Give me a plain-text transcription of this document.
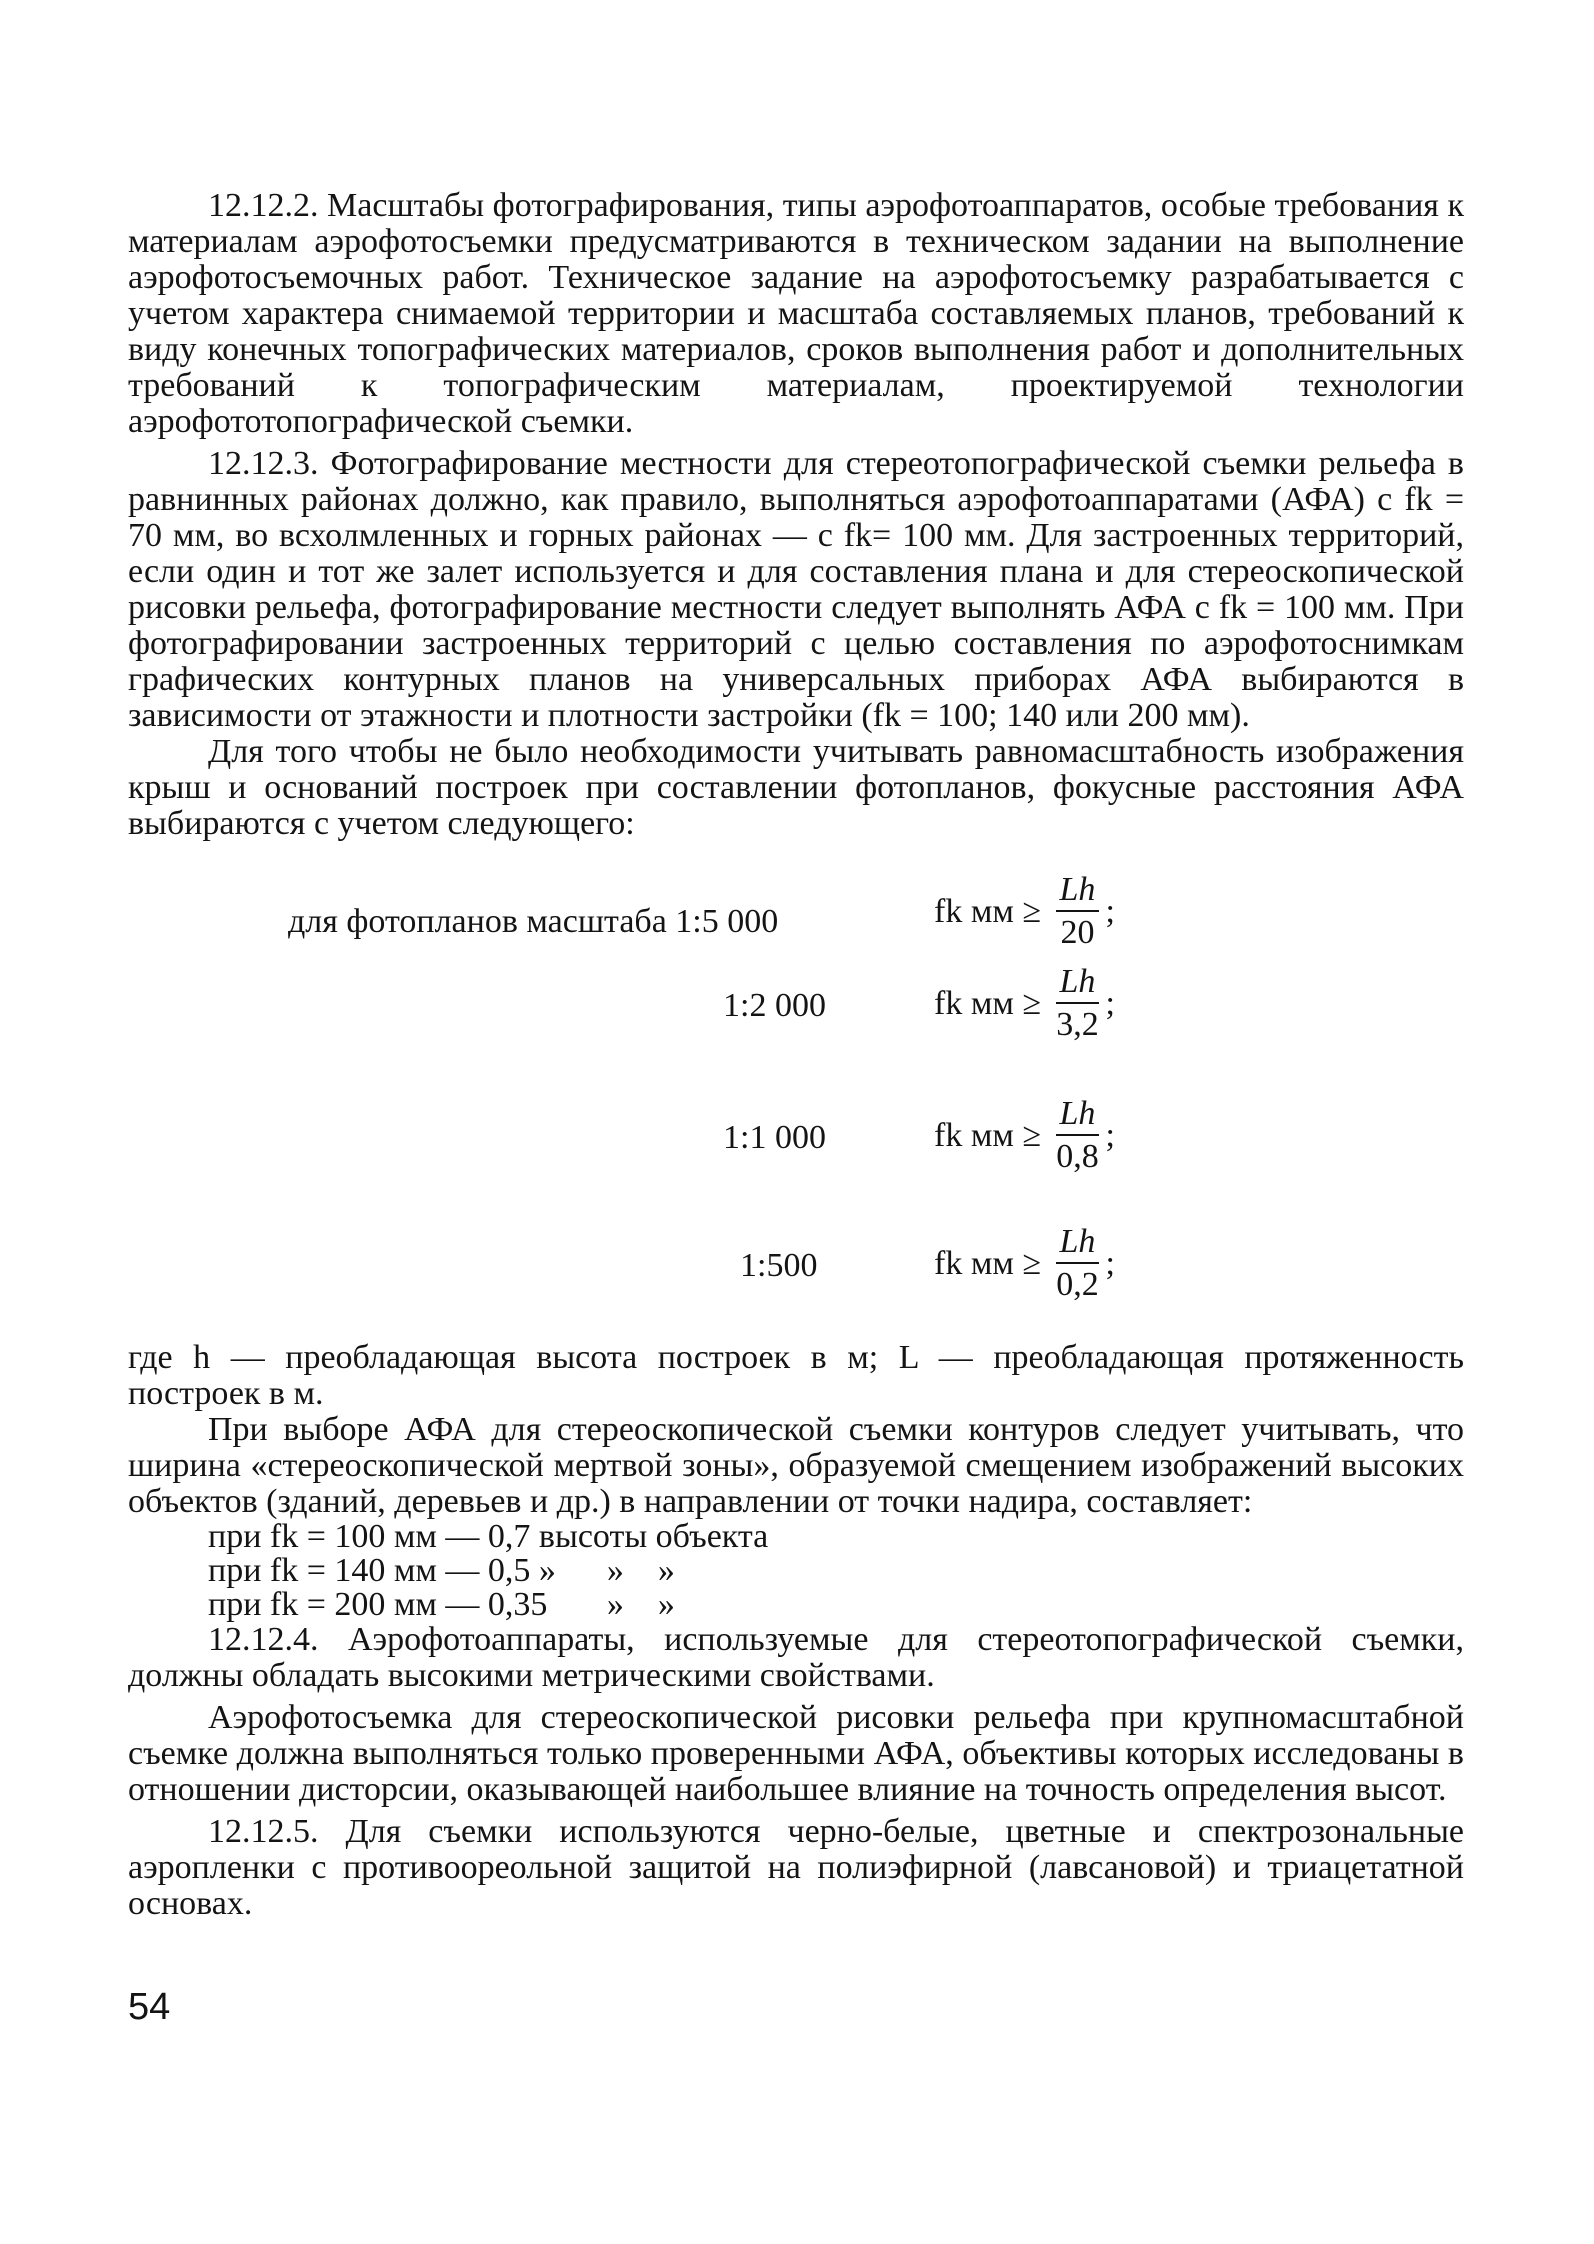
12.12.2. Масштабы фотографирования, типы аэрофотоаппаратов, особые требования к материалам аэрофотосъемки предусматриваются в техническом задании на выполнение аэрофотосъемочных работ. Техническое задание на аэрофотосъемку разрабатывается с учетом характера снимаемой территории и масштаба составляемых планов, требований к виду конечных топографических материалов, сроков выполнения работ и дополнительных требований к топографическим материалам, проектируемой технологии аэрофототопографической съемки.

12.12.3. Фотографирование местности для стереотопографической съемки рельефа в равнинных районах должно, как правило, выполняться аэрофотоаппаратами (АФА) с fk = 70 мм, во всхолмленных и горных районах — с fk= 100 мм. Для застроенных территорий, если один и тот же залет используется и для составления плана и для стереоскопической рисовки рельефа, фотографирование местности следует выполнять АФА с fk = 100 мм. При фотографировании застроенных территорий с целью составления по аэрофотоснимкам графических контурных планов на универсальных приборах АФА выбираются в зависимости от этажности и плотности застройки (fk = 100; 140 или 200 мм).

Для того чтобы не было необходимости учитывать равномасштабность изображения крыш и оснований построек при составлении фотопланов, фокусные расстояния АФА выбираются с учетом следующего:

для фотопланов масштаба 1:5 000	fk мм ≥ $\frac{Lh}{20}$ ;
1:2 000	fk мм ≥ $\frac{Lh}{3,2}$ ;
1:1 000	fk мм ≥ $\frac{Lh}{0,8}$ ;
1:500	fk мм ≥ $\frac{Lh}{0,2}$ ;

где h — преобладающая высота построек в м; L — преобладающая протяженность построек в м.

При выборе АФА для стереоскопической съемки контуров следует учитывать, что ширина «стереоскопической мертвой зоны», образуемой смещением изображений высоких объектов (зданий, деревьев и др.) в направлении от точки надира, составляет:

при fk = 100 мм — 0,7 высоты объекта
при fk = 140 мм — 0,5 »      »    »
при fk = 200 мм — 0,35       »    »

12.12.4. Аэрофотоаппараты, используемые для стереотопографической съемки, должны обладать высокими метрическими свойствами.

Аэрофотосъемка для стереоскопической рисовки рельефа при крупномасштабной съемке должна выполняться только проверенными АФА, объективы которых исследованы в отношении дисторсии, оказывающей наибольшее влияние на точность определения высот.

12.12.5. Для съемки используются черно-белые, цветные и спектрозональные аэропленки с противоореольной защитой на полиэфирной (лавсановой) и триацетатной основах.

54
